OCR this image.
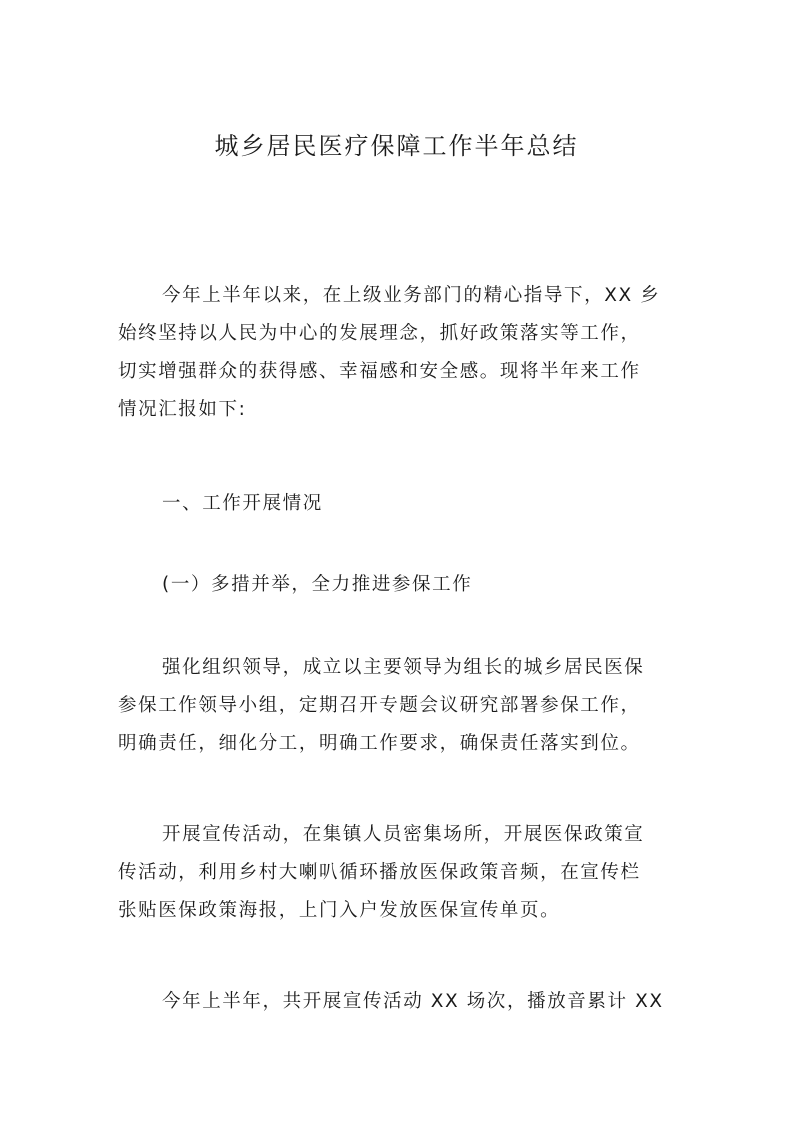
城乡居民医疗保障工作半年总结
今年上半年以来，在上级业务部门的精心指导下，XX 乡
始终坚持以人民为中心的发展理念，抓好政策落实等工作，
切实增强群众的获得感、幸福感和安全感。现将半年来工作
情况汇报如下:
一、工作开展情况
(一）多措并举，全力推进参保工作
强化组织领导，成立以主要领导为组长的城乡居民医保
参保工作领导小组，定期召开专题会议研究部署参保工作，
明确责任，细化分工，明确工作要求，确保责任落实到位。
开展宣传活动，在集镇人员密集场所，开展医保政策宣
传活动，利用乡村大喇叭循环播放医保政策音频，在宣传栏
张贴医保政策海报，上门入户发放医保宣传单页。
今年上半年，共开展宣传活动 XX 场次，播放音累计 XX
